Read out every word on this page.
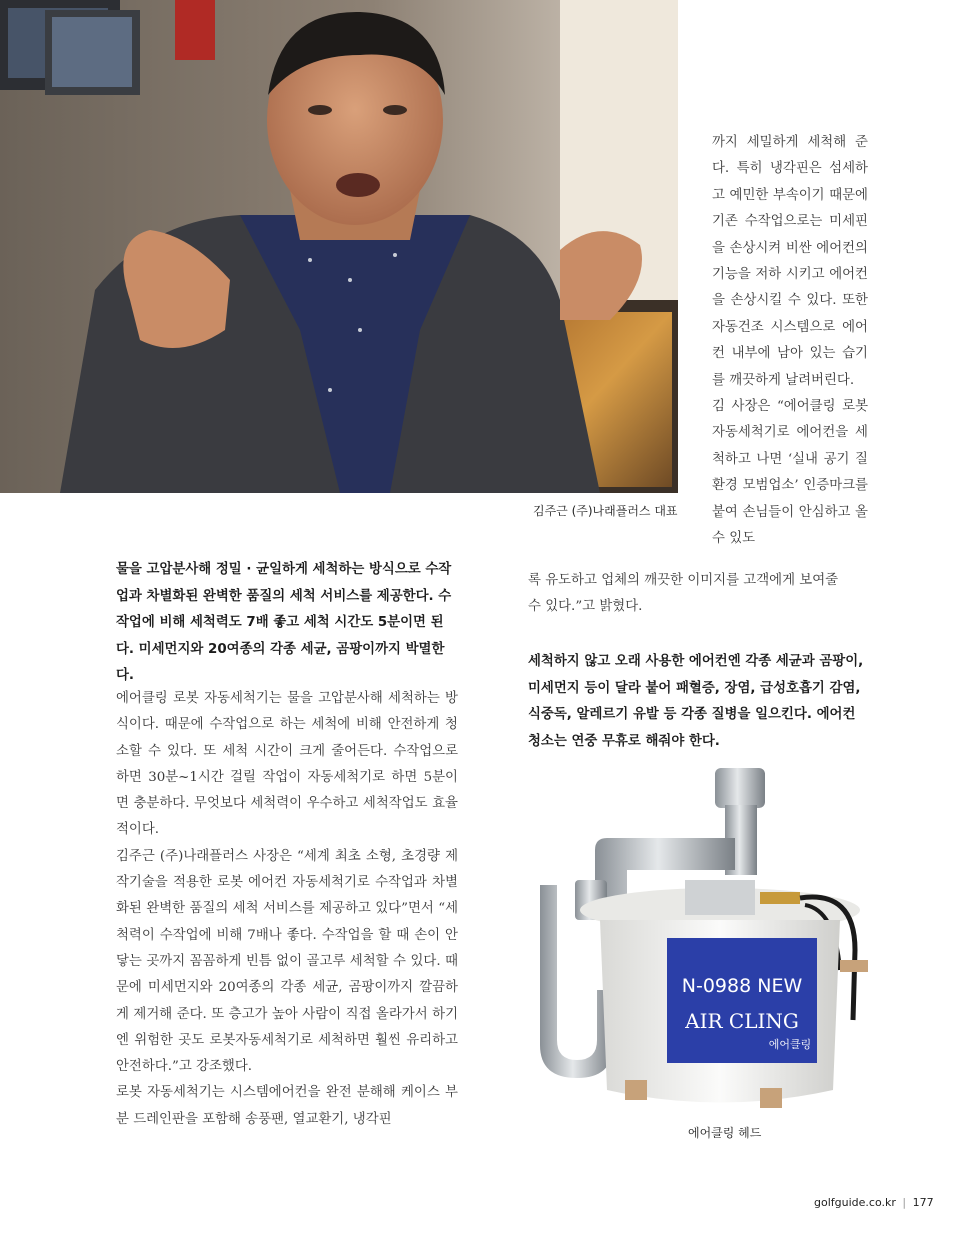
김주근 (주)나래플러스 대표

까지 세밀하게 세척해 준다. 특히 냉각핀은 섬세하고 예민한 부속이기 때문에 기존 수작업으로는 미세핀을 손상시켜 비싼 에어컨의 기능을 저하 시키고 에어컨을 손상시킬 수 있다. 또한 자동건조 시스템으로 에어컨 내부에 남아 있는 습기를 깨끗하게 날려버린다.

김 사장은 “에어클링 로봇 자동세척기로 에어컨을 세척하고 나면 ‘실내 공기 질 환경 모범업소’ 인증마크를 붙여 손님들이 안심하고 올 수 있도

록 유도하고 업체의 깨끗한 이미지를 고객에게 보여줄
수 있다.”고 밝혔다.
물을 고압분사해 정밀 · 균일하게 세척하는 방식으로 수작업과 차별화된 완벽한 품질의 세척 서비스를 제공한다. 수작업에 비해 세척력도 7배 좋고 세척 시간도 5분이면 된다. 미세먼지와 20여종의 각종 세균, 곰팡이까지 박멸한다.
세척하지 않고 오래 사용한 에어컨엔 각종 세균과 곰팡이, 미세먼지 등이 달라 붙어 패혈증, 장염, 급성호흡기 감염, 식중독, 알레르기 유발 등 각종 질병을 일으킨다. 에어컨 청소는 연중 무휴로 해줘야 한다.

에어클링 로봇 자동세척기는 물을 고압분사해 세척하는 방식이다. 때문에 수작업으로 하는 세척에 비해 안전하게 청소할 수 있다. 또 세척 시간이 크게 줄어든다. 수작업으로 하면 30분~1시간 걸릴 작업이 자동세척기로 하면 5분이면 충분하다. 무엇보다 세척력이 우수하고 세척작업도 효율적이다.

김주근 (주)나래플러스 사장은 “세계 최초 소형, 초경량 제작기술을 적용한 로봇 에어컨 자동세척기로 수작업과 차별화된 완벽한 품질의 세척 서비스를 제공하고 있다”면서 “세척력이 수작업에 비해 7배나 좋다. 수작업을 할 때 손이 안닿는 곳까지 꼼꼼하게 빈틈 없이 골고루 세척할 수 있다. 때문에 미세먼지와 20여종의 각종 세균, 곰팡이까지 깔끔하게 제거해 준다. 또 층고가 높아 사람이 직접 올라가서 하기엔 위험한 곳도 로봇자동세척기로 세척하면 훨씬 유리하고 안전하다.”고 강조했다.

로봇 자동세척기는 시스템에어컨을 완전 분해해 케이스 부분 드레인판을 포함해 송풍팬, 열교환기, 냉각핀

N-0988 NEW
AIR CLING
에어클링
에어클링 헤드
golfguide.co.kr | 177
